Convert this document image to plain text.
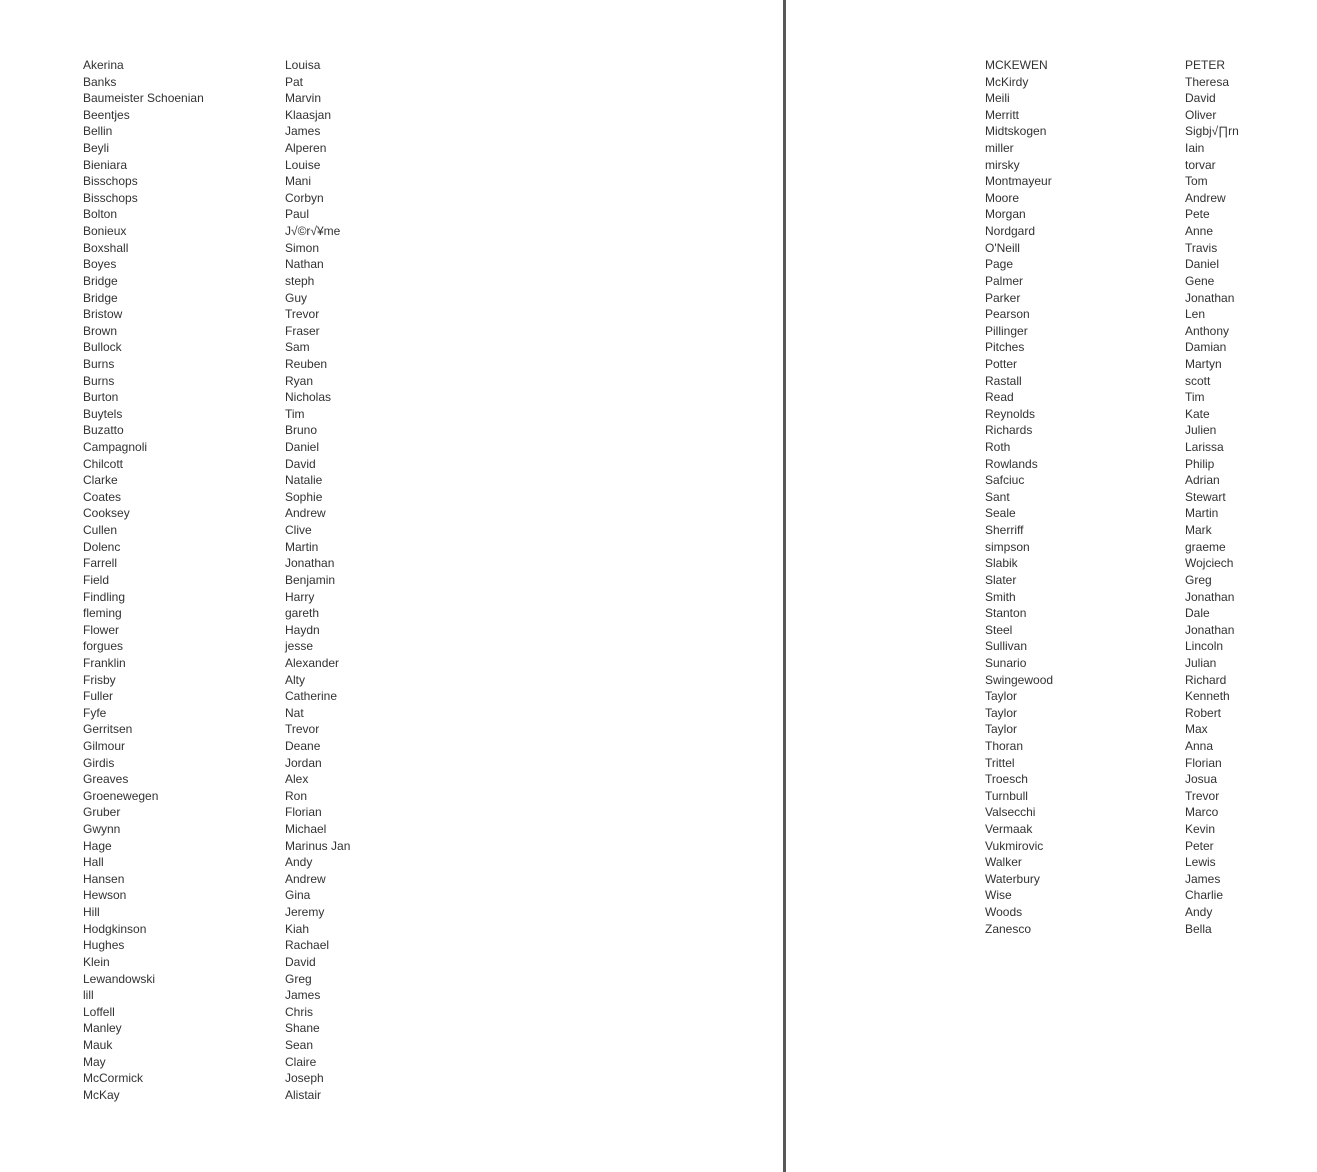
Akerina	Louisa
Banks	Pat
Baumeister Schoenian	Marvin
Beentjes	Klaasjan
Bellin	James
Beyli	Alperen
Bieniara	Louise
Bisschops	Mani
Bisschops	Corbyn
Bolton	Paul
Bonieux	J√©r√¥me
Boxshall	Simon
Boyes	Nathan
Bridge	steph
Bridge	Guy
Bristow	Trevor
Brown	Fraser
Bullock	Sam
Burns	Reuben
Burns	Ryan
Burton	Nicholas
Buytels	Tim
Buzatto	Bruno
Campagnoli	Daniel
Chilcott	David
Clarke	Natalie
Coates	Sophie
Cooksey	Andrew
Cullen	Clive
Dolenc	Martin
Farrell	Jonathan
Field	Benjamin
Findling	Harry
fleming	gareth
Flower	Haydn
forgues	jesse
Franklin	Alexander
Frisby	Alty
Fuller	Catherine
Fyfe	Nat
Gerritsen	Trevor
Gilmour	Deane
Girdis	Jordan
Greaves	Alex
Groenewegen	Ron
Gruber	Florian
Gwynn	Michael
Hage	Marinus Jan
Hall	Andy
Hansen	Andrew
Hewson	Gina
Hill	Jeremy
Hodgkinson	Kiah
Hughes	Rachael
Klein	David
Lewandowski	Greg
lill	James
Loffell	Chris
Manley	Shane
Mauk	Sean
May	Claire
McCormick	Joseph
McKay	Alistair
MCKEWEN	PETER
McKirdy	Theresa
Meili	David
Merritt	Oliver
Midtskogen	Sigbj√∏rn
miller	Iain
mirsky	torvar
Montmayeur	Tom
Moore	Andrew
Morgan	Pete
Nordgard	Anne
O'Neill	Travis
Page	Daniel
Palmer	Gene
Parker	Jonathan
Pearson	Len
Pillinger	Anthony
Pitches	Damian
Potter	Martyn
Rastall	scott
Read	Tim
Reynolds	Kate
Richards	Julien
Roth	Larissa
Rowlands	Philip
Safciuc	Adrian
Sant	Stewart
Seale	Martin
Sherriff	Mark
simpson	graeme
Slabik	Wojciech
Slater	Greg
Smith	Jonathan
Stanton	Dale
Steel	Jonathan
Sullivan	Lincoln
Sunario	Julian
Swingewood	Richard
Taylor	Kenneth
Taylor	Robert
Taylor	Max
Thoran	Anna
Trittel	Florian
Troesch	Josua
Turnbull	Trevor
Valsecchi	Marco
Vermaak	Kevin
Vukmirovic	Peter
Walker	Lewis
Waterbury	James
Wise	Charlie
Woods	Andy
Zanesco	Bella
